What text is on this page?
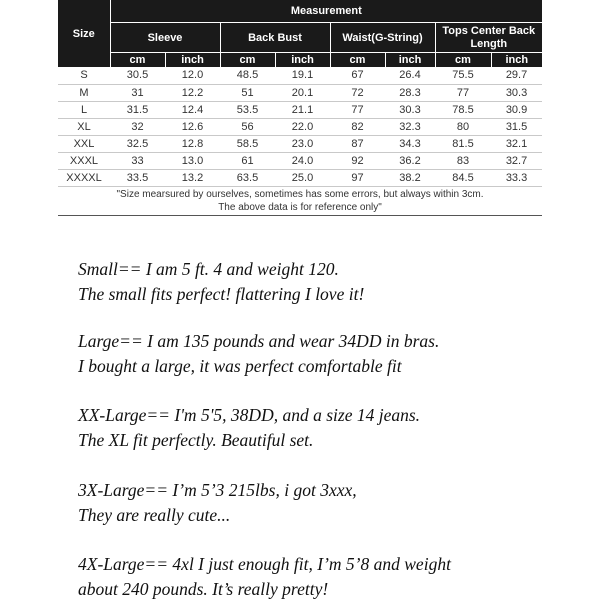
Size	Measurement							
	Sleeve		Back Bust		Waist(G-String)		Tops Center Back Length	
	cm	inch	cm	inch	cm	inch	cm	inch
S	30.5	12.0	48.5	19.1	67	26.4	75.5	29.7
M	31	12.2	51	20.1	72	28.3	77	30.3
L	31.5	12.4	53.5	21.1	77	30.3	78.5	30.9
XL	32	12.6	56	22.0	82	32.3	80	31.5
XXL	32.5	12.8	58.5	23.0	87	34.3	81.5	32.1
XXXL	33	13.0	61	24.0	92	36.2	83	32.7
XXXXL	33.5	13.2	63.5	25.0	97	38.2	84.5	33.3
"Size mearsured by ourselves, sometimes has some errors, but always within 3cm.
The above data is for reference only"								
Small== I am 5 ft. 4 and weight 120.
The small fits perfect! flattering I love it!
Large== I am 135 pounds and wear 34DD in bras.
I bought a large, it was perfect comfortable fit
XX-Large== I'm 5'5, 38DD, and a size 14 jeans.
The XL fit perfectly. Beautiful set.
3X-Large== I’m 5’3 215lbs, i got 3xxx,
They are really cute...
4X-Large== 4xl I just enough fit, I’m 5’8 and weight
about 240 pounds. It’s really pretty!
